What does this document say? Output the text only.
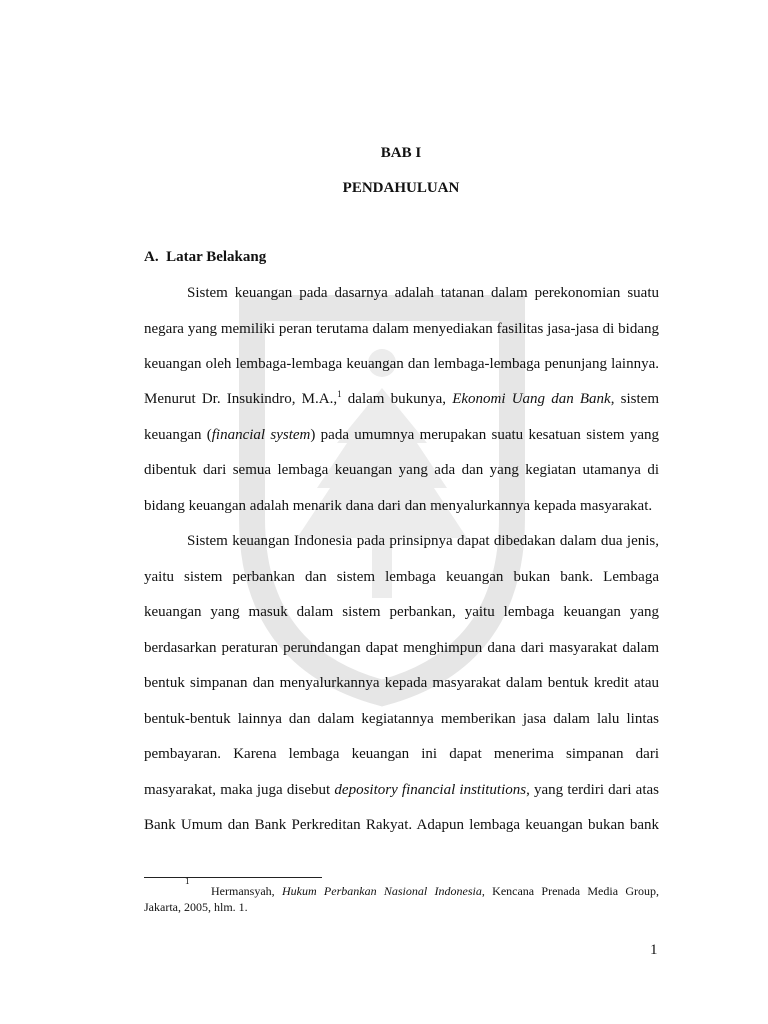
BAB I
PENDAHULUAN
A. Latar Belakang
Sistem keuangan pada dasarnya adalah tatanan dalam perekonomian suatu
negara yang memiliki peran terutama dalam menyediakan fasilitas jasa-jasa di bidang
keuangan oleh lembaga-lembaga keuangan dan lembaga-lembaga penunjang lainnya.
Menurut Dr. Insukindro, M.A.,$^1$ dalam bukunya, Ekonomi Uang dan Bank, sistem
keuangan (financial system) pada umumnya merupakan suatu kesatuan sistem yang
dibentuk dari semua lembaga keuangan yang ada dan yang kegiatan utamanya di
bidang keuangan adalah menarik dana dari dan menyalurkannya kepada masyarakat.
Sistem keuangan Indonesia pada prinsipnya dapat dibedakan dalam dua jenis,
yaitu sistem perbankan dan sistem lembaga keuangan bukan bank. Lembaga
keuangan yang masuk dalam sistem perbankan, yaitu lembaga keuangan yang
berdasarkan peraturan perundangan dapat menghimpun dana dari masyarakat dalam
bentuk simpanan dan menyalurkannya kepada masyarakat dalam bentuk kredit atau
bentuk-bentuk lainnya dan dalam kegiatannya memberikan jasa dalam lalu lintas
pembayaran. Karena lembaga keuangan ini dapat menerima simpanan dari
masyarakat, maka juga disebut depository financial institutions, yang terdiri dari atas
Bank Umum dan Bank Perkreditan Rakyat. Adapun lembaga keuangan bukan bank
1
Hermansyah, Hukum Perbankan Nasional Indonesia, Kencana Prenada Media Group,
Jakarta, 2005, hlm. 1.
1
